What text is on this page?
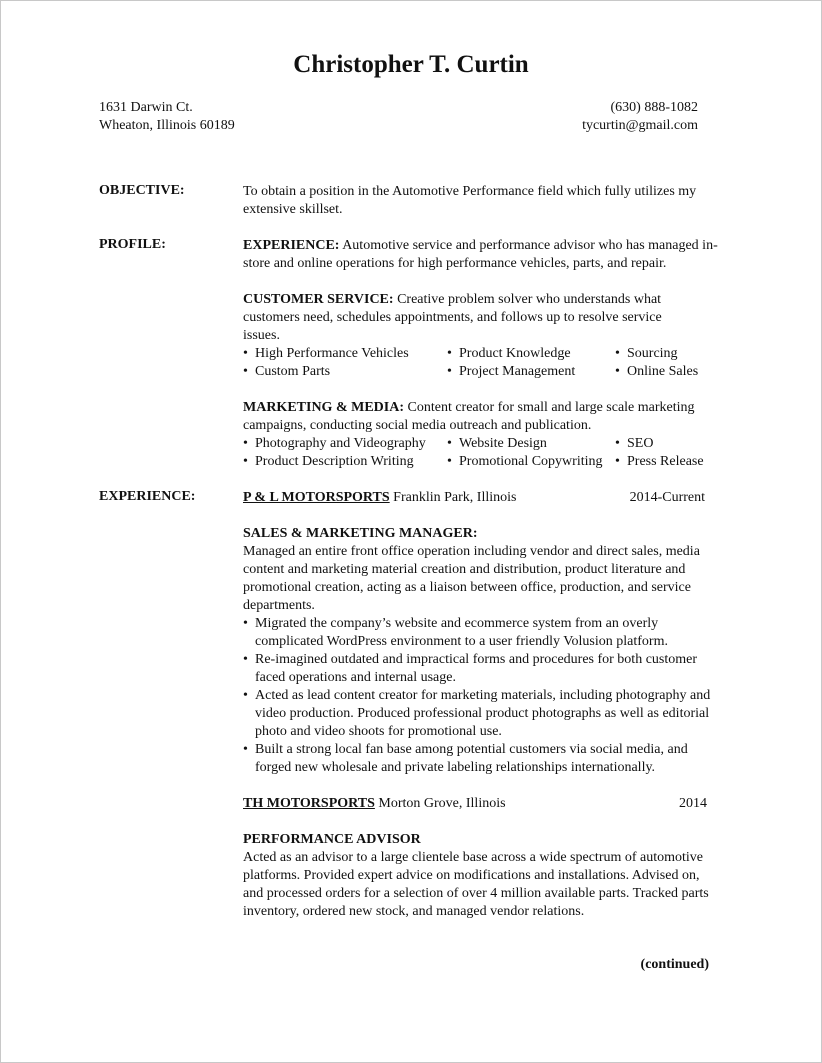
Christopher T. Curtin
1631 Darwin Ct.
Wheaton, Illinois 60189
(630) 888-1082
tycurtin@gmail.com
OBJECTIVE:	To obtain a position in the Automotive Performance field which fully utilizes my extensive skillset.
PROFILE:	EXPERIENCE: Automotive service and performance advisor who has managed in-store and online operations for high performance vehicles, parts, and repair.
CUSTOMER SERVICE: Creative problem solver who understands what customers need, schedules appointments, and follows up to resolve service issues.
• High Performance Vehicles	• Product Knowledge	• Sourcing
• Custom Parts	• Project Management	• Online Sales
MARKETING & MEDIA: Content creator for small and large scale marketing campaigns, conducting social media outreach and publication.
• Photography and Videography • Website Design	• SEO
• Product Description Writing • Promotional Copywriting • Press Release
EXPERIENCE:	P & L MOTORSPORTS Franklin Park, Illinois	2014-Current
SALES & MARKETING MANAGER:
Managed an entire front office operation including vendor and direct sales, media content and marketing material creation and distribution, product literature and promotional creation, acting as a liaison between office, production, and service departments.
• Migrated the company’s website and ecommerce system from an overly complicated WordPress environment to a user friendly Volusion platform.
• Re-imagined outdated and impractical forms and procedures for both customer faced operations and internal usage.
• Acted as lead content creator for marketing materials, including photography and video production. Produced professional product photographs as well as editorial photo and video shoots for promotional use.
• Built a strong local fan base among potential customers via social media, and forged new wholesale and private labeling relationships internationally.
TH MOTORSPORTS Morton Grove, Illinois	2014
PERFORMANCE ADVISOR
Acted as an advisor to a large clientele base across a wide spectrum of automotive platforms. Provided expert advice on modifications and installations. Advised on, and processed orders for a selection of over 4 million available parts. Tracked parts inventory, ordered new stock, and managed vendor relations.
(continued)
